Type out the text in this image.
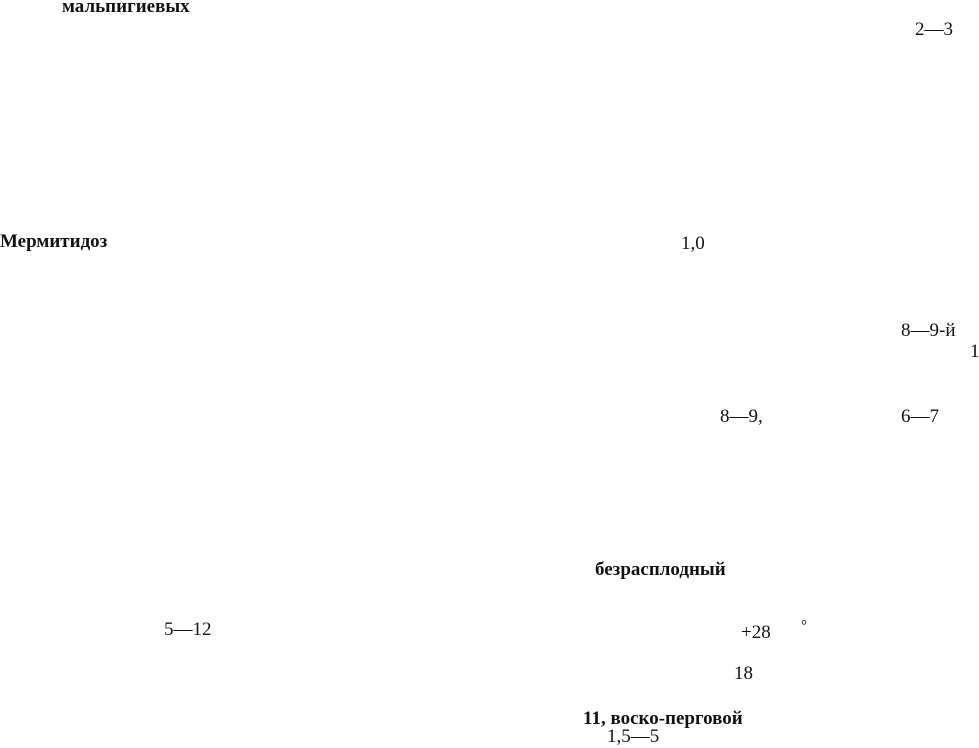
мальпигиевых
2—3
Мермитидоз	1,0
8—9-й
1
8—9,	6—7
безрасплодный
5—12	+28 °
18
11, воско-перговой
1,5—5
